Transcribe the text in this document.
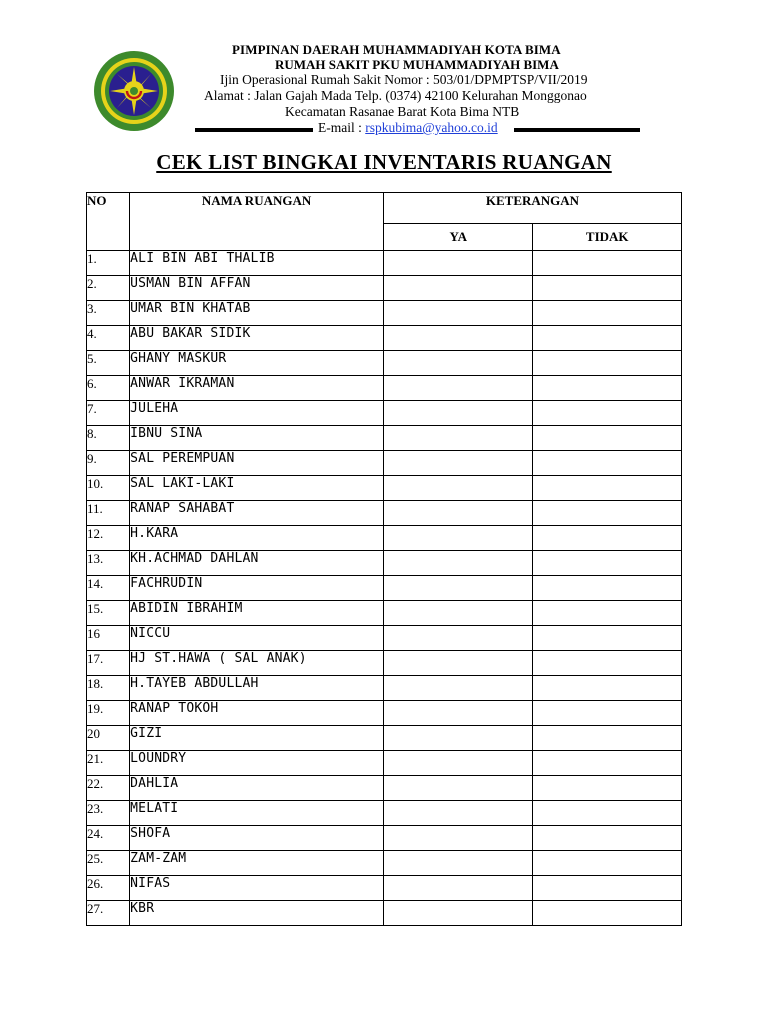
PIMPINAN DAERAH MUHAMMADIYAH KOTA BIMA
RUMAH SAKIT PKU MUHAMMADIYAH BIMA
Ijin Operasional Rumah Sakit Nomor : 503/01/DPMPTSP/VII/2019
Alamat : Jalan Gajah Mada Telp. (0374) 42100 Kelurahan Monggonao
Kecamatan Rasanae Barat Kota Bima NTB
E-mail : rspkubima@yahoo.co.id
CEK LIST BINGKAI INVENTARIS RUANGAN
NO	NAMA RUANGAN	KETERANGAN	
		YA	TIDAK
1.	ALI BIN ABI THALIB		
2.	USMAN BIN AFFAN		
3.	UMAR BIN KHATAB		
4.	ABU BAKAR SIDIK		
5.	GHANY MASKUR		
6.	ANWAR IKRAMAN		
7.	JULEHA		
8.	IBNU SINA		
9.	SAL PEREMPUAN		
10.	SAL LAKI-LAKI		
11.	RANAP SAHABAT		
12.	H.KARA		
13.	KH.ACHMAD DAHLAN		
14.	FACHRUDIN		
15.	ABIDIN IBRAHIM		
16	NICCU		
17.	HJ ST.HAWA ( SAL ANAK)		
18.	H.TAYEB ABDULLAH		
19.	RANAP TOKOH		
20	GIZI		
21.	LOUNDRY		
22.	DAHLIA		
23.	MELATI		
24.	SHOFA		
25.	ZAM-ZAM		
26.	NIFAS		
27.	KBR		
